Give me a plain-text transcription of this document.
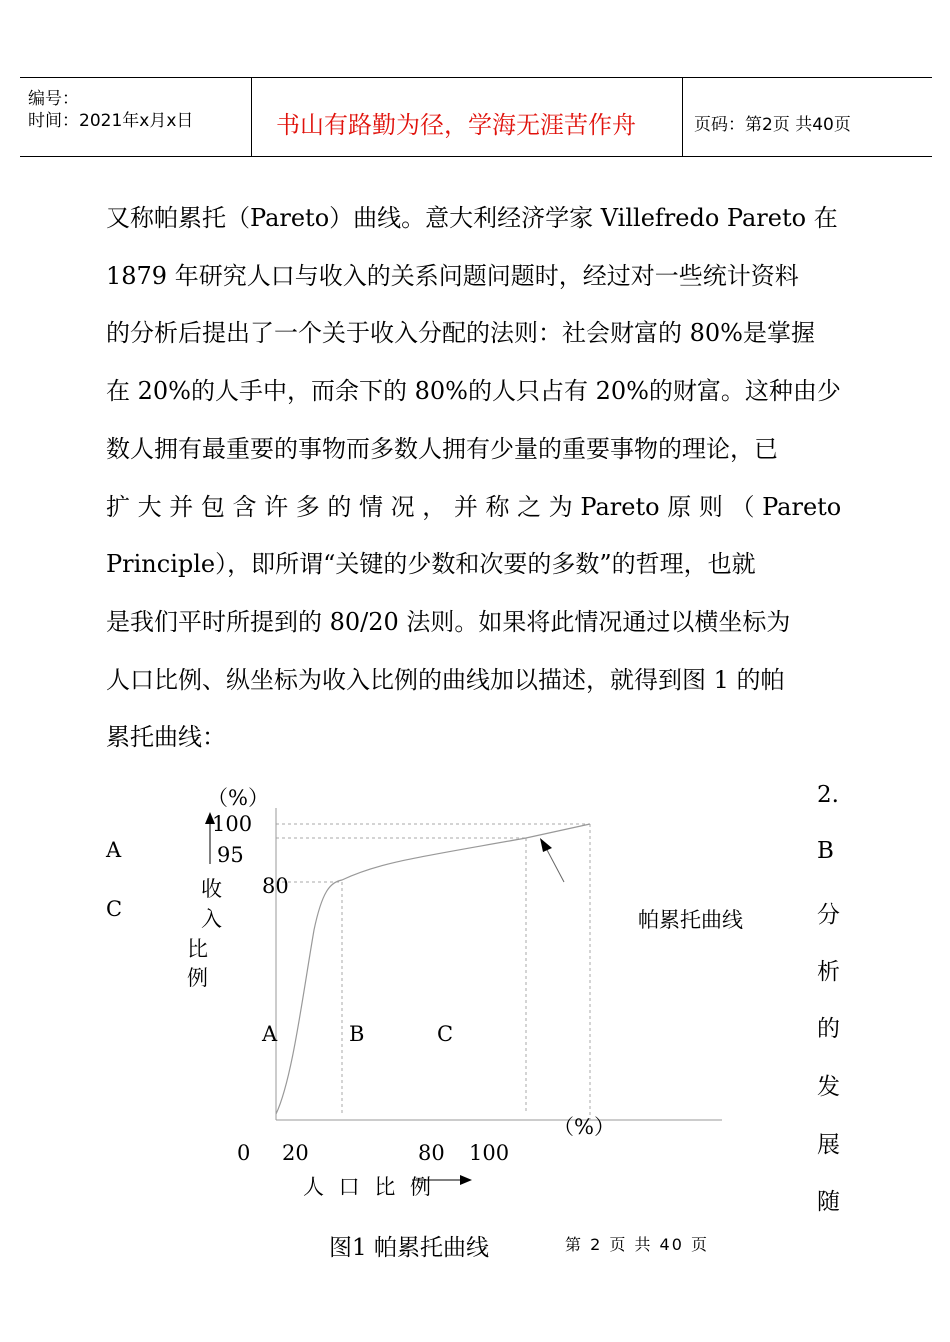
编号：
时间：2021年x月x日	书山有路勤为径，学海无涯苦作舟	页码：第2页 共40页

又称帕累托（Pareto）曲线。意大利经济学家 Villefredo Pareto 在

1879 年研究人口与收入的关系问题问题时，经过对一些统计资料

的分析后提出了一个关于收入分配的法则：社会财富的 80%是掌握

在 20%的人手中，而余下的 80%的人只占有 20%的财富。这种由少

数人拥有最重要的事物而多数人拥有少量的重要事物的理论，已

扩 大 并 包 含 许 多 的 情 况 ， 并 称 之 为 Pareto 原 则 （ Pareto

Principle），即所谓“关键的少数和次要的多数”的哲理，也就

是我们平时所提到的 80/20 法则。如果将此情况通过以横坐标为

人口比例、纵坐标为收入比例的曲线加以描述，就得到图 1 的帕

累托曲线：

（%）
100
95
80
收
入
比
例
A
C
A	B	C
帕累托曲线
（%）
0 20	80 100
人 口 比 例
2.
B
分
析
的
发
展
随
图1 帕累托曲线	第 2 页 共 40 页
